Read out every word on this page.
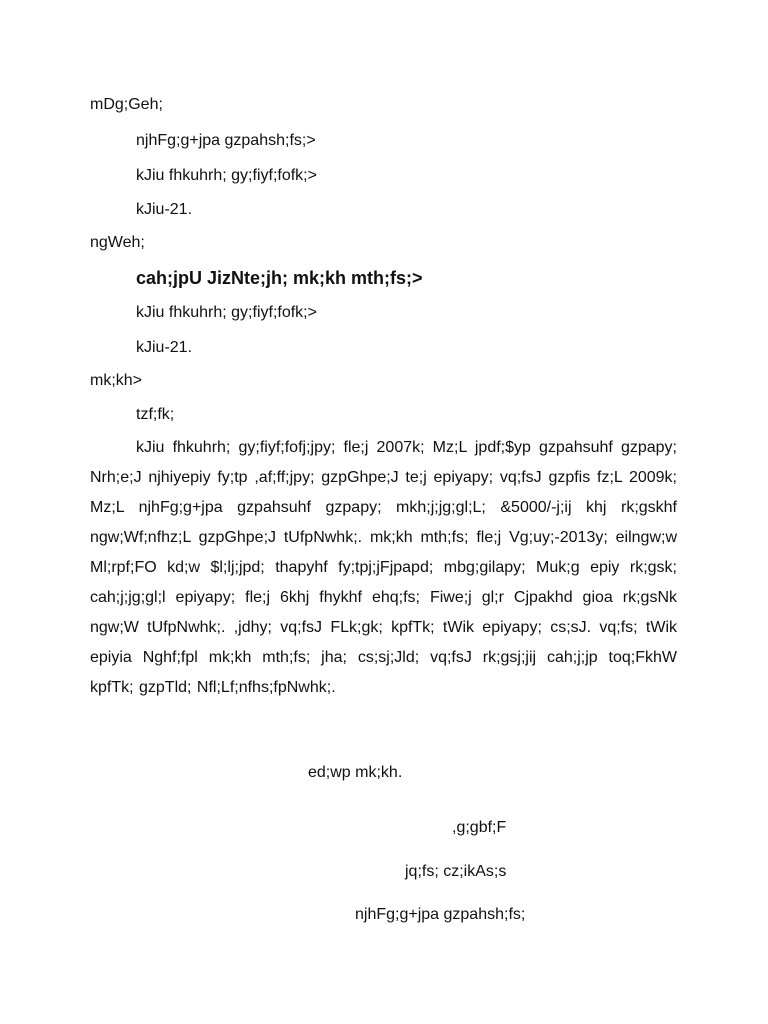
mDg;Geh;
njhFg;g+jpa gzpahsh;fs;>
kJiu fhkuhrh; gy;fiyf;fofk;>
kJiu-21.
ngWeh;
cah;jpU JizNte;jh; mk;kh mth;fs;>
kJiu fhkuhrh; gy;fiyf;fofk;>
kJiu-21.
mk;kh>
tzf;fk;

kJiu fhkuhrh; gy;fiyf;fofj;jpy; fle;j 2007k; Mz;L jpdf;$yp gzpahsuhf gzpapy; Nrh;e;J njhiyepiy fy;tp ,af;ff;jpy; gzpGhpe;J te;j epiyapy; vq;fsJ gzpfis fz;L 2009k; Mz;L njhFg;g+jpa gzpahsuhf gzpapy; mkh;j;jg;gl;L; &5000/-j;ij khj rk;gskhf ngw;Wf;nfhz;L gzpGhpe;J tUfpNwhk;. mk;kh mth;fs; fle;j Vg;uy;-2013y; eilngw;w Ml;rpf;FO kd;w $l;lj;jpd; thapyhf fy;tpj;jFjpapd; mbg;gilapy; Muk;g epiy rk;gsk; cah;j;jg;gl;l epiyapy; fle;j 6khj fhykhf ehq;fs; Fiwe;j gl;r Cjpakhd gioa rk;gsNk ngw;W tUfpNwhk;. ,jdhy; vq;fsJ FLk;gk; kpfTk; tWik epiyapy; cs;sJ. vq;fs; tWik epiyia Nghf;fpl mk;kh mth;fs; jha; cs;sj;Jld; vq;fsJ rk;gsj;jij cah;j;jp toq;FkhW kpfTk; gzpTld; Nfl;Lf;nfhs;fpNwhk;.

ed;wp mk;kh.
,g;gbf;F
jq;fs; cz;ikAs;s
njhFg;g+jpa gzpahsh;fs;
